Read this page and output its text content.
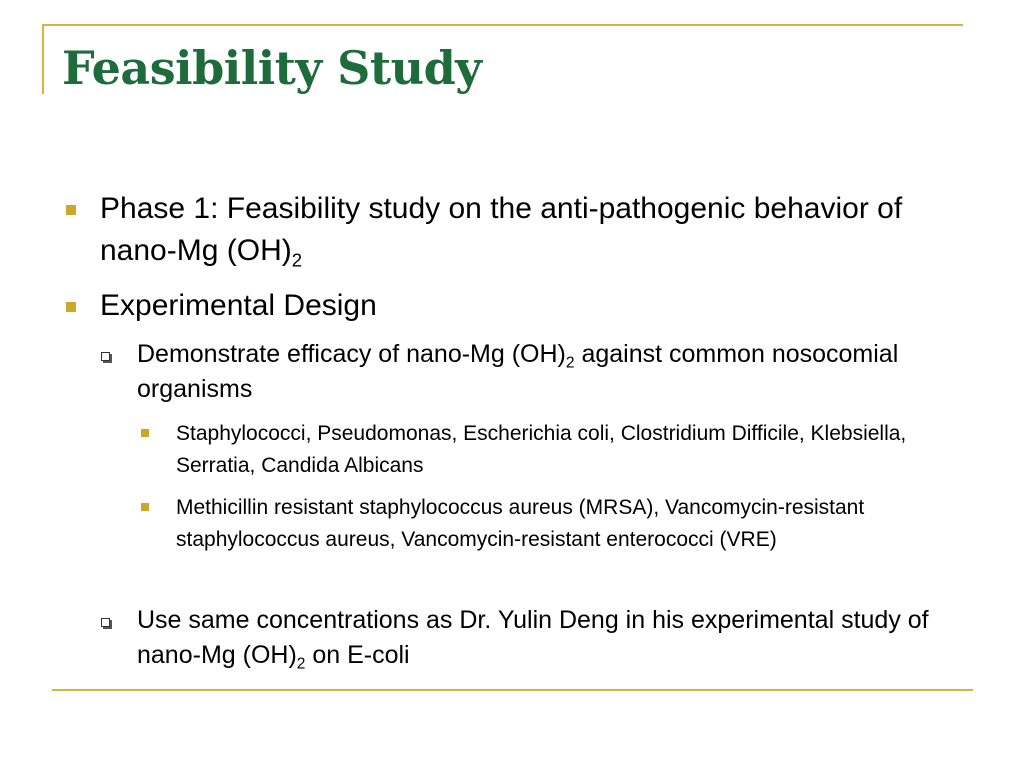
Feasibility Study
Phase 1: Feasibility study on the anti-pathogenic behavior of nano-Mg $(OH)_2$
Experimental Design
Demonstrate efficacy of nano-Mg $(OH)_2$ against common nosocomial organisms
Staphylococci, Pseudomonas, Escherichia coli, Clostridium Difficile, Klebsiella, Serratia, Candida Albicans
Methicillin resistant staphylococcus aureus (MRSA), Vancomycin-resistant staphylococcus aureus, Vancomycin-resistant enterococci (VRE)
Use same concentrations as Dr. Yulin Deng in his experimental study of nano-Mg $(OH)_2$ on E-coli
